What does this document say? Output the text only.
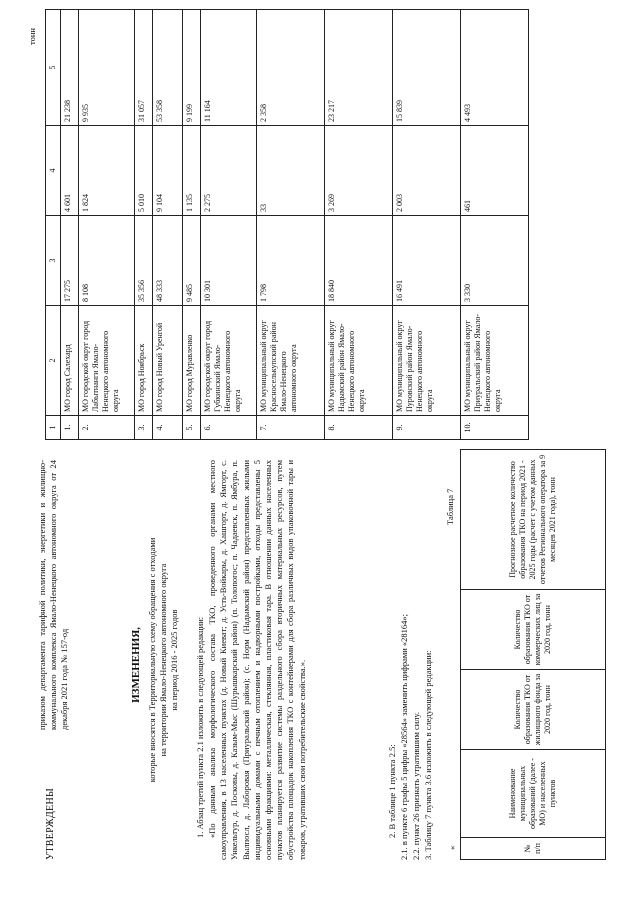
УТВЕРЖДЕНЫ
приказом департамента тарифной политики, энергетики и жилищно-коммунального комплекса Ямало-Ненецкого автономного округа от 24 декабря 2021 года № 157-од	ИЗМЕНЕНИЯ, которые вносятся в Территориальную схему обращения с отходами на территории Ямало-Ненецкого автономного округа на период 2016 - 2025 годов 1. Абзац третий пункта 2.1 изложить в следующей редакции: «По данным анализа морфологического состава ТКО, проведенного органами местного самоуправления, в 13 населенных пунктах (д. Новый Киеват; д. Усть-Войкары, д. Хашгорт, д. Ямгорт, с. Ункельтур, д. Посковы, д. Казым-Мыс (Шурышкарский район) (п. Толопогос; п. Чадаевск, п. Ямбура, п. Вылпосл, д. Лаборовая (Приуральский район); (с. Норм (Надымский район) представленных жилыми индивидуальными домами с печным отоплением и надворными постройками, отходы представлены 5 основными фракциями: металлическая, стеклянная, пластиковая тара. В отношении данных населенных пунктов планируется развитие системы раздельного сбора вторичных материальных ресурсов, путем обустройства площадок накопления ТКО с контейнерами для сбора различных видов упаковочной тары и товаров, утративших свои потребительские свойства.».	2. В таблице 1 пункта 2.5: 2.1. в пункте 6 графы 5 цифры «28564» заменить цифрами «28164»; 2.2. пункт 26 признать утратившим силу. 3. Таблицу 7 пункта 3.6 изложить в следующей редакции:
Таблица 7
«	№ п/п	Наименование муниципальных образований (далее - МО) и населенных пунктов	Количество образования ТКО от жилищного фонда за 2020 год, тонн	Количество образования ТКО от коммерческих лиц за 2020 год, тонн	Прогнозное расчетное количество образования ТКО на период 2021 - 2025 годы (расчет с учетом данных отчетов Регионального оператора за 9 месяцев 2021 года), тонн
тонн
1	2	3	4	5
1.	МО город Салехард	17 275	4 601	21 238
2.	МО городской округ город Лабытнанги Ямало-Ненецкого автономного округа	8 108	1 824	9 935
3.	МО город Ноябрьск	35 356	5 010	31 057
4.	МО город Новый Уренгой	48 333	9 104	53 358
5.	МО город Муравленко	9 485	1 135	9 199
6.	МО городской округ город Губкинский Ямало-Ненецкого автономного округа	10 301	2 275	11 164
7.	МО муниципальный округ Красноселькупский район Ямало-Ненецкого автономного округа	1 798	33	2 358
8.	МО муниципальный округ Надымский район Ямало-Ненецкого автономного округа	18 840	3 269	23 217
9.	МО муниципальный округ Пуровский район Ямало-Ненецкого автономного округа	16 491	2 003	15 839
10.	МО муниципальный округ Приуральский район Ямало-Ненецкого автономного округа	3 330	461	4 493
